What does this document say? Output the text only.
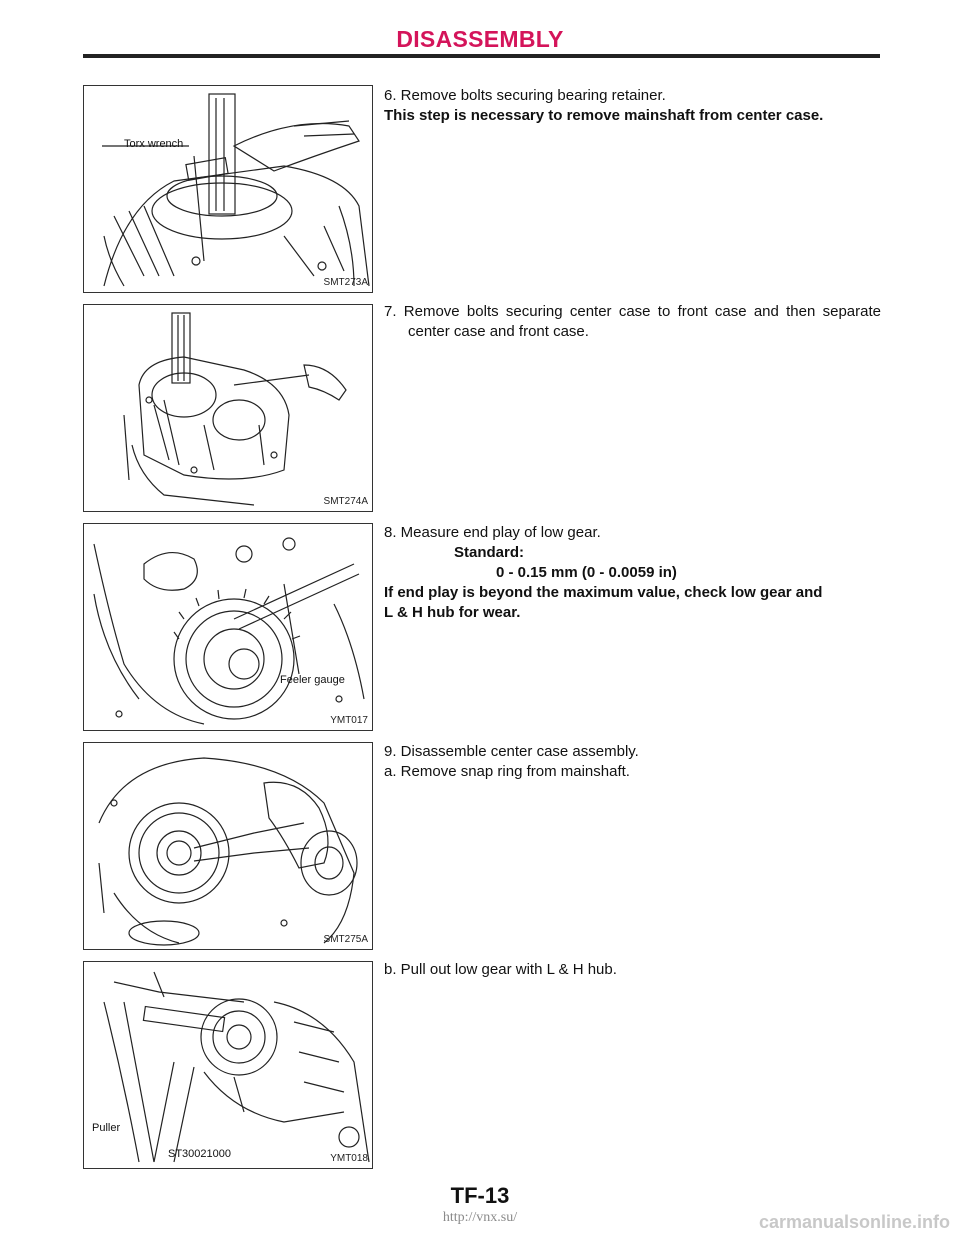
DISASSEMBLY
Torx wrench
SMT273A
SMT274A
Feeler gauge
YMT017
SMT275A
Puller
ST30021000	YMT018

6. Remove bolts securing bearing retainer.

This step is necessary to remove mainshaft from center case.

7. Remove bolts securing center case to front case and then separate center case and front case.

8. Measure end play of low gear.

Standard:

0 - 0.15 mm (0 - 0.0059 in)

If end play is beyond the maximum value, check low gear and

L & H hub for wear.

9. Disassemble center case assembly.

a. Remove snap ring from mainshaft.

b. Pull out low gear with L & H hub.

TF-13
http://vnx.su/	carmanualsonline.info
